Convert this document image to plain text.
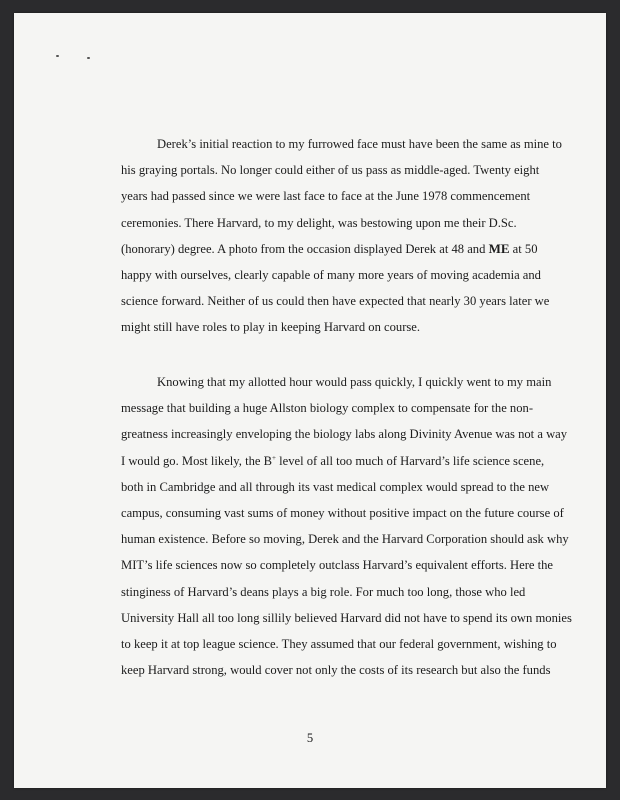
Derek’s initial reaction to my furrowed face must have been the same as mine to
his graying portals. No longer could either of us pass as middle-aged. Twenty eight
years had passed since we were last face to face at the June 1978 commencement
ceremonies. There Harvard, to my delight, was bestowing upon me their D.Sc.
(honorary) degree. A photo from the occasion displayed Derek at 48 and ME at 50
happy with ourselves, clearly capable of many more years of moving academia and
science forward. Neither of us could then have expected that nearly 30 years later we
might still have roles to play in keeping Harvard on course.

Knowing that my allotted hour would pass quickly, I quickly went to my main
message that building a huge Allston biology complex to compensate for the non-
greatness increasingly enveloping the biology labs along Divinity Avenue was not a way
I would go. Most likely, the B+ level of all too much of Harvard’s life science scene,
both in Cambridge and all through its vast medical complex would spread to the new
campus, consuming vast sums of money without positive impact on the future course of
human existence. Before so moving, Derek and the Harvard Corporation should ask why
MIT’s life sciences now so completely outclass Harvard’s equivalent efforts. Here the
stinginess of Harvard’s deans plays a big role. For much too long, those who led
University Hall all too long sillily believed Harvard did not have to spend its own monies
to keep it at top league science. They assumed that our federal government, wishing to
keep Harvard strong, would cover not only the costs of its research but also the funds

5
